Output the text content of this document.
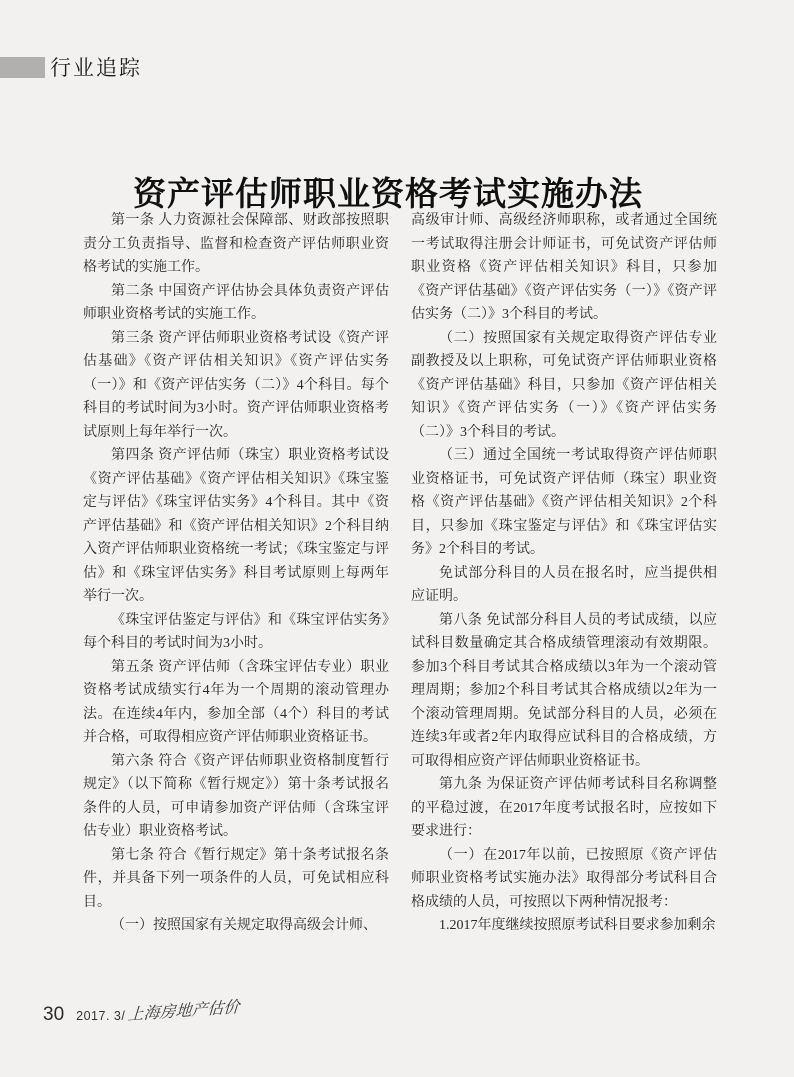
行业追踪
资产评估师职业资格考试实施办法

第一条 人力资源社会保障部、财政部按照职责分工负责指导、监督和检查资产评估师职业资格考试的实施工作。

第二条 中国资产评估协会具体负责资产评估师职业资格考试的实施工作。

第三条 资产评估师职业资格考试设《资产评估基础》《资产评估相关知识》《资产评估实务（一）》和《资产评估实务（二）》4个科目。每个科目的考试时间为3小时。资产评估师职业资格考试原则上每年举行一次。

第四条 资产评估师（珠宝）职业资格考试设《资产评估基础》《资产评估相关知识》《珠宝鉴定与评估》《珠宝评估实务》4个科目。其中《资产评估基础》和《资产评估相关知识》2个科目纳入资产评估师职业资格统一考试；《珠宝鉴定与评估》和《珠宝评估实务》科目考试原则上每两年举行一次。

《珠宝评估鉴定与评估》和《珠宝评估实务》每个科目的考试时间为3小时。

第五条 资产评估师（含珠宝评估专业）职业资格考试成绩实行4年为一个周期的滚动管理办法。在连续4年内，参加全部（4个）科目的考试并合格，可取得相应资产评估师职业资格证书。

第六条 符合《资产评估师职业资格制度暂行规定》（以下简称《暂行规定》）第十条考试报名条件的人员，可申请参加资产评估师（含珠宝评估专业）职业资格考试。

第七条 符合《暂行规定》第十条考试报名条件，并具备下列一项条件的人员，可免试相应科目。

（一）按照国家有关规定取得高级会计师、

高级审计师、高级经济师职称，或者通过全国统一考试取得注册会计师证书，可免试资产评估师职业资格《资产评估相关知识》科目，只参加《资产评估基础》《资产评估实务（一）》《资产评估实务（二）》3个科目的考试。

（二）按照国家有关规定取得资产评估专业副教授及以上职称，可免试资产评估师职业资格《资产评估基础》科目，只参加《资产评估相关知识》《资产评估实务（一）》《资产评估实务（二）》3个科目的考试。

（三）通过全国统一考试取得资产评估师职业资格证书，可免试资产评估师（珠宝）职业资格《资产评估基础》《资产评估相关知识》2个科目，只参加《珠宝鉴定与评估》和《珠宝评估实务》2个科目的考试。

免试部分科目的人员在报名时，应当提供相应证明。

第八条 免试部分科目人员的考试成绩，以应试科目数量确定其合格成绩管理滚动有效期限。参加3个科目考试其合格成绩以3年为一个滚动管理周期；参加2个科目考试其合格成绩以2年为一个滚动管理周期。免试部分科目的人员，必须在连续3年或者2年内取得应试科目的合格成绩，方可取得相应资产评估师职业资格证书。

第九条 为保证资产评估师考试科目名称调整的平稳过渡，在2017年度考试报名时，应按如下要求进行：

（一）在2017年以前，已按照原《资产评估师职业资格考试实施办法》取得部分考试科目合格成绩的人员，可按照以下两种情况报考：

1.2017年度继续按照原考试科目要求参加剩余

30 2017. 3/ 上海房地产估价
